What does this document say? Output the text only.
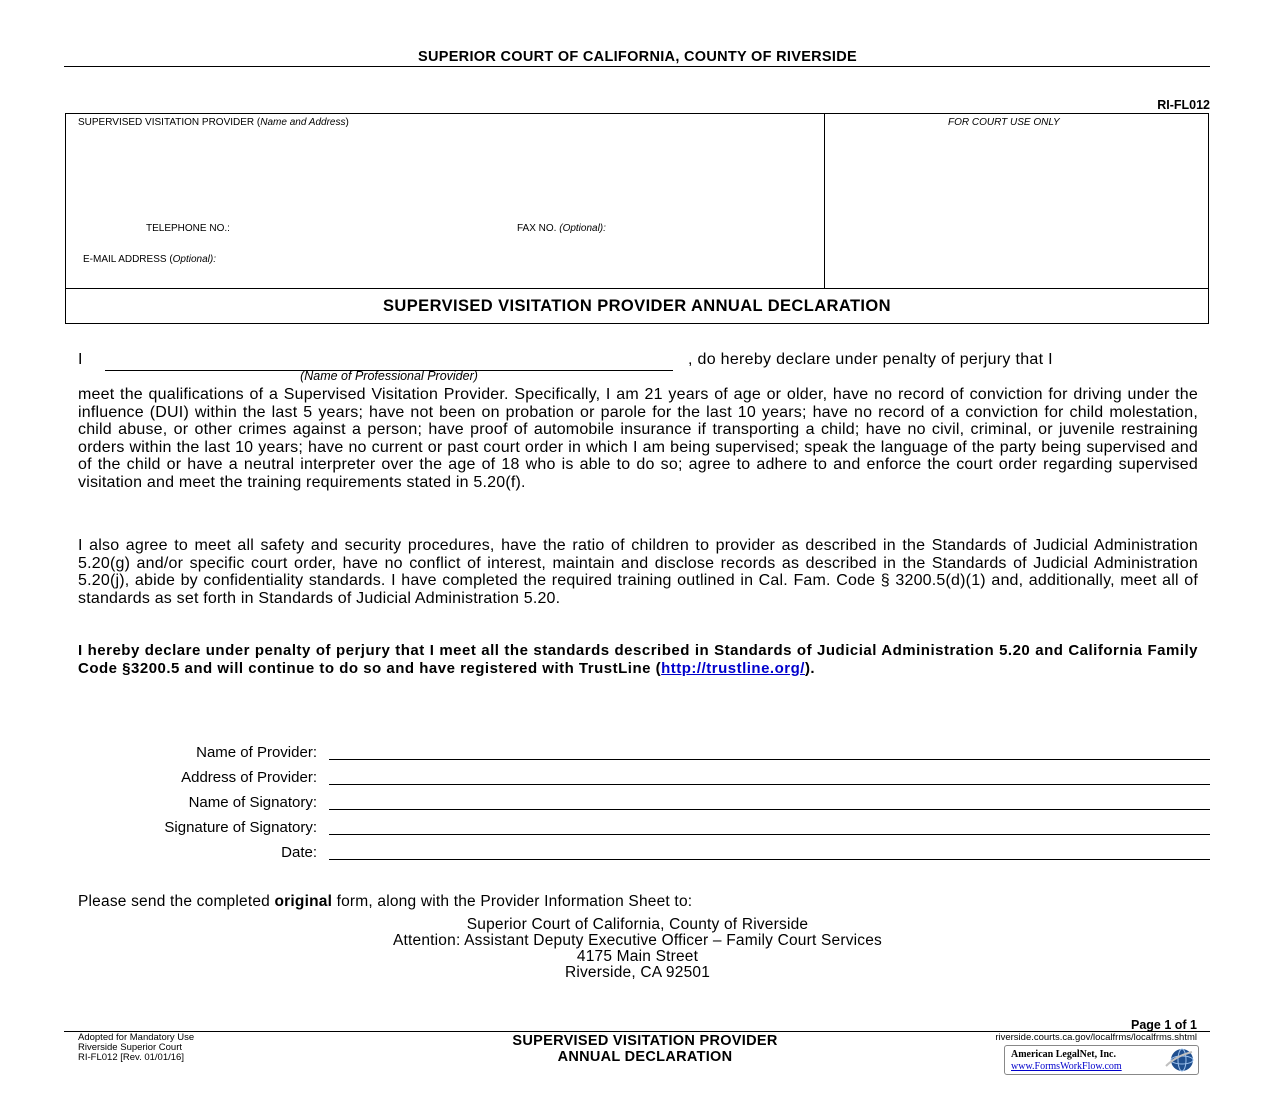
SUPERIOR COURT OF CALIFORNIA, COUNTY OF RIVERSIDE
RI-FL012
SUPERVISED VISITATION PROVIDER (Name and Address)	FOR COURT USE ONLY
TELEPHONE NO.:	FAX NO. (Optional):
E-MAIL ADDRESS (Optional):
SUPERVISED VISITATION PROVIDER ANNUAL DECLARATION
I
(Name of Professional Provider)
, do hereby declare under penalty of perjury that I
meet the qualifications of a Supervised Visitation Provider. Specifically, I am 21 years of age or older, have no record of conviction for driving under the influence (DUI) within the last 5 years; have not been on probation or parole for the last 10 years; have no record of a conviction for child molestation, child abuse, or other crimes against a person; have proof of automobile insurance if transporting a child; have no civil, criminal, or juvenile restraining orders within the last 10 years; have no current or past court order in which I am being supervised; speak the language of the party being supervised and of the child or have a neutral interpreter over the age of 18 who is able to do so; agree to adhere to and enforce the court order regarding supervised visitation and meet the training requirements stated in 5.20(f).
I also agree to meet all safety and security procedures, have the ratio of children to provider as described in the Standards of Judicial Administration 5.20(g) and/or specific court order, have no conflict of interest, maintain and disclose records as described in the Standards of Judicial Administration 5.20(j), abide by confidentiality standards. I have completed the required training outlined in Cal. Fam. Code § 3200.5(d)(1) and, additionally, meet all of standards as set forth in Standards of Judicial Administration 5.20.
I hereby declare under penalty of perjury that I meet all the standards described in Standards of Judicial Administration 5.20 and California Family Code §3200.5 and will continue to do so and have registered with TrustLine (http://trustline.org/).
Name of Provider:
Address of Provider:
Name of Signatory:
Signature of Signatory:
Date:
Please send the completed original form, along with the Provider Information Sheet to:
Superior Court of California, County of Riverside
Attention: Assistant Deputy Executive Officer – Family Court Services
4175 Main Street
Riverside, CA 92501
Page 1 of 1
Adopted for Mandatory Use
Riverside Superior Court
RI-FL012 [Rev. 01/01/16]
SUPERVISED VISITATION PROVIDER
ANNUAL DECLARATION
riverside.courts.ca.gov/localfrms/localfrms.shtml
American LegalNet, Inc.
www.FormsWorkFlow.com
